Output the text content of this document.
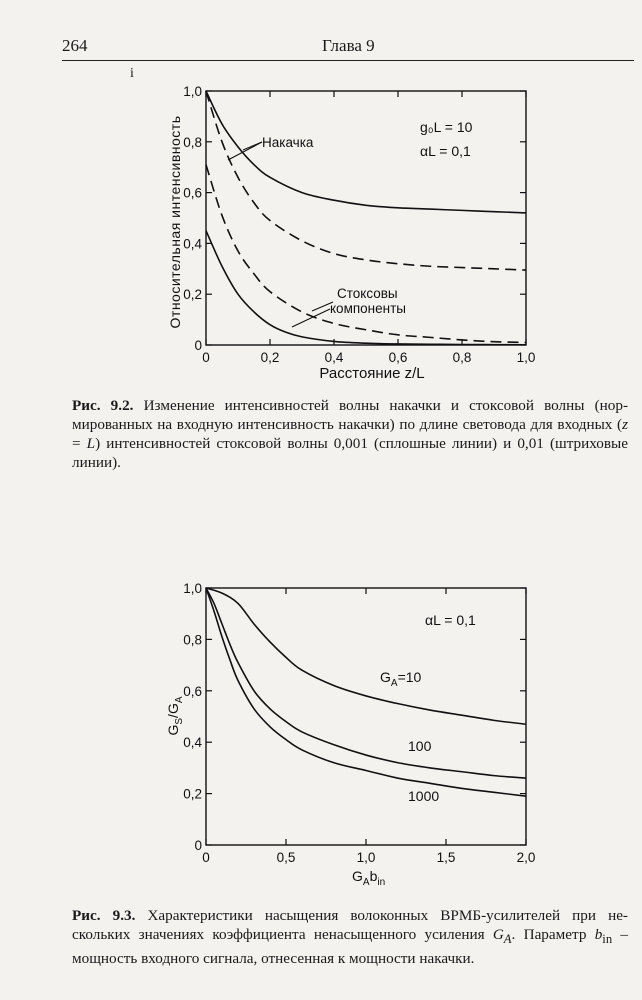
264	Глава 9
i
0	0,2	0,4	0,6	0,8	1,0
0
0,2
0,4
0,6
0,8
1,0
Относительная интенсивность
Расстояние z/L
g₀L = 10
αL = 0,1
Накачка
Стоксовы
компоненты
Рис. 9.2. Изменение интенсивностей волны накачки и стоксовой волны (нор- мированных на входную интенсивность накачки) по длине световода для входных (z = L) интенсивностей стоксовой волны 0,001 (сплошные линии) и 0,01 (штриховые линии).
0	0,5	1,0	1,5	2,0
0
0,2
0,4
0,6
0,8
1,0
$G_S/G_A$
$G_Ab_{in}$
αL = 0,1
$G_A=10$
100
1000
Рис. 9.3. Характеристики насыщения волоконных ВРМБ-усилителей при не- скольких значениях коэффициента ненасыщенного усиления $G_A$. Параметр $b_{in}$ – мощность входного сигнала, отнесенная к мощности накачки.
